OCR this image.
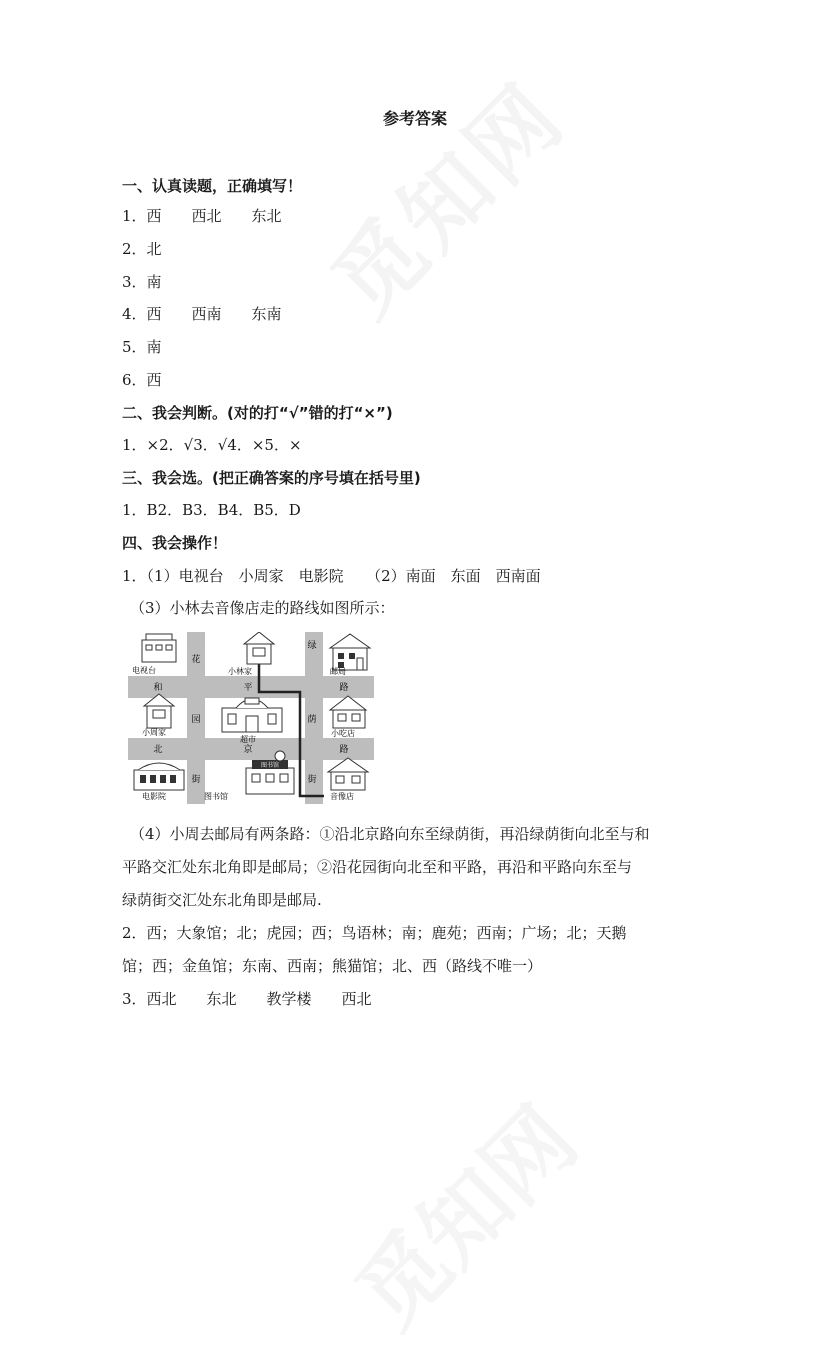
参考答案
一、认真读题，正确填写！
1．西　　西北　　东北
2．北
3．南
4．西　　西南　　东南
5．南
6．西
二、我会判断。(对的打“√”错的打“×”)
1．×2．√3．√4．×5．×
三、我会选。(把正确答案的序号填在括号里)
1．B2．B3．B4．B5．D
四、我会操作！
1．（1）电视台　小周家　电影院　　（2）南面　东面　西南面
（3）小林去音像店走的路线如图所示：
花
园
街
绿
荫
街
和	平	路
北	京	路
电视台	小林家	邮局
小周家
超市
小吃店
电影院
图书馆
图书馆	音像店
（4）小周去邮局有两条路：①沿北京路向东至绿荫街，再沿绿荫街向北至与和
平路交汇处东北角即是邮局；②沿花园街向北至和平路，再沿和平路向东至与
绿荫街交汇处东北角即是邮局.
2．西；大象馆；北；虎园；西；鸟语林；南；鹿苑；西南；广场；北；天鹅
馆；西；金鱼馆；东南、西南；熊猫馆；北、西（路线不唯一）
3．西北　　东北　　教学楼　　西北
